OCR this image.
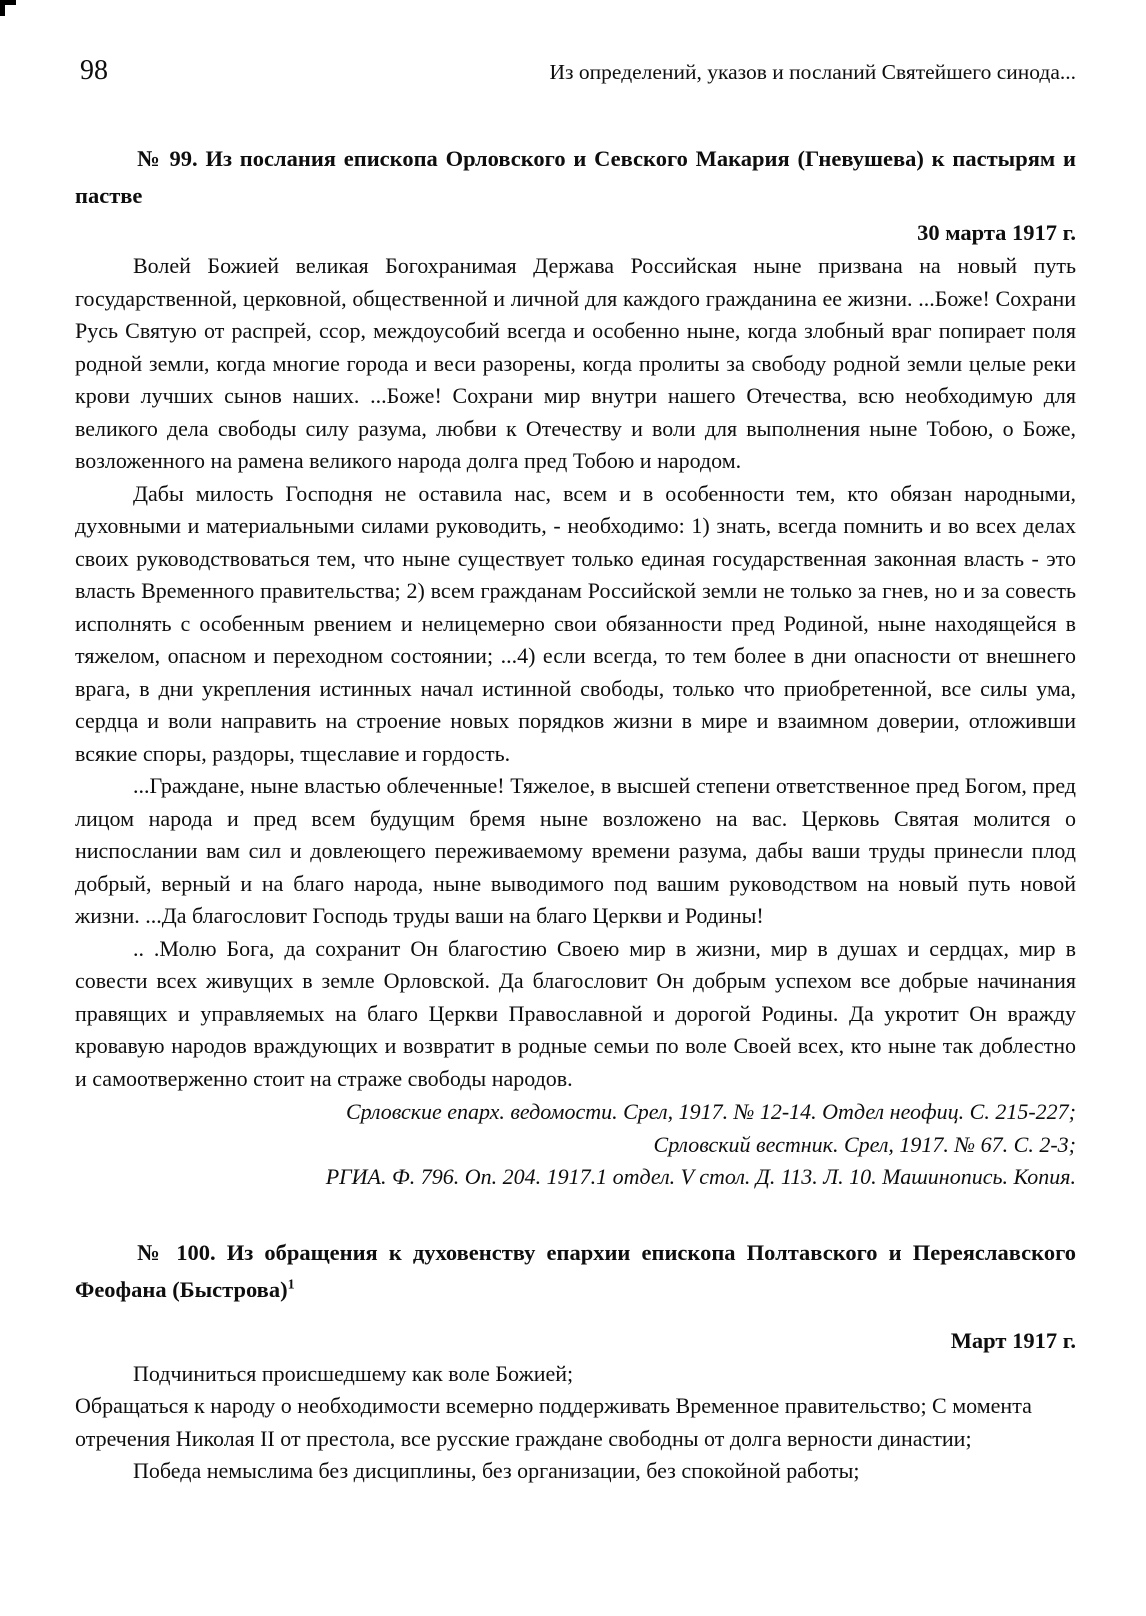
98	Из определений, указов и посланий Святейшего синода...
№ 99. Из послания епископа Орловского и Севского Макария (Гневушева) к пастырям и пастве
30 марта 1917 г.

Волей Божией великая Богохранимая Держава Российская ныне призвана на новый путь государственной, церковной, общественной и личной для каждого гражданина ее жизни. ...Боже! Сохрани Русь Святую от распрей, ссор, междоусобий всегда и особенно ныне, когда злобный враг попирает поля родной земли, когда многие города и веси разорены, когда пролиты за свободу родной земли целые реки крови лучших сынов наших. ...Боже! Сохрани мир внутри нашего Отечества, всю необходимую для великого дела свободы силу разума, любви к Отечеству и воли для выполнения ныне Тобою, о Боже, возложенного на рамена великого народа долга пред Тобою и народом.

Дабы милость Господня не оставила нас, всем и в особенности тем, кто обязан народными, духовными и материальными силами руководить, - необходимо: 1) знать, всегда помнить и во всех делах своих руководствоваться тем, что ныне существует только единая государственная законная власть - это власть Временного правительства; 2) всем гражданам Российской земли не только за гнев, но и за совесть исполнять с особенным рвением и нелицемерно свои обязанности пред Родиной, ныне находящейся в тяжелом, опасном и переходном состоянии; ...4) если всегда, то тем более в дни опасности от внешнего врага, в дни укрепления истинных начал истинной свободы, только что приобретенной, все силы ума, сердца и воли направить на строение новых порядков жизни в мире и взаимном доверии, отложивши всякие споры, раздоры, тщеславие и гордость.

...Граждане, ныне властью облеченные! Тяжелое, в высшей степени ответственное пред Богом, пред лицом народа и пред всем будущим бремя ныне возложено на вас. Церковь Святая молится о ниспослании вам сил и довлеющего переживаемому времени разума, дабы ваши труды принесли плод добрый, верный и на благо народа, ныне выводимого под вашим руководством на новый путь новой жизни. ...Да благословит Господь труды ваши на благо Церкви и Родины!

.. .Молю Бога, да сохранит Он благостию Своею мир в жизни, мир в душах и сердцах, мир в совести всех живущих в земле Орловской. Да благословит Он добрым успехом все добрые начинания правящих и управляемых на благо Церкви Православной и дорогой Родины. Да укротит Он вражду кровавую народов враждующих и возвратит в родные семьи по воле Своей всех, кто ныне так доблестно и самоотверженно стоит на страже свободы народов.

Срловские епарх. ведомости. Срел, 1917. № 12-14. Отдел неофиц. С. 215-227;
Срловский вестник. Срел, 1917. № 67. С. 2-3;
РГИА. Ф. 796. Оп. 204. 1917.1 отдел. V стол. Д. 113. Л. 10. Машинопись. Копия.
№ 100. Из обращения к духовенству епархии епископа Полтавского и Переяславского Феофана (Быстрова)$^1$
Март 1917 г.

Подчиниться происшедшему как воле Божией;

Обращаться к народу о необходимости всемерно поддерживать Временное правительство; С момента отречения Николая II от престола, все русские граждане свободны от долга верности династии;

Победа немыслима без дисциплины, без организации, без спокойной работы;
